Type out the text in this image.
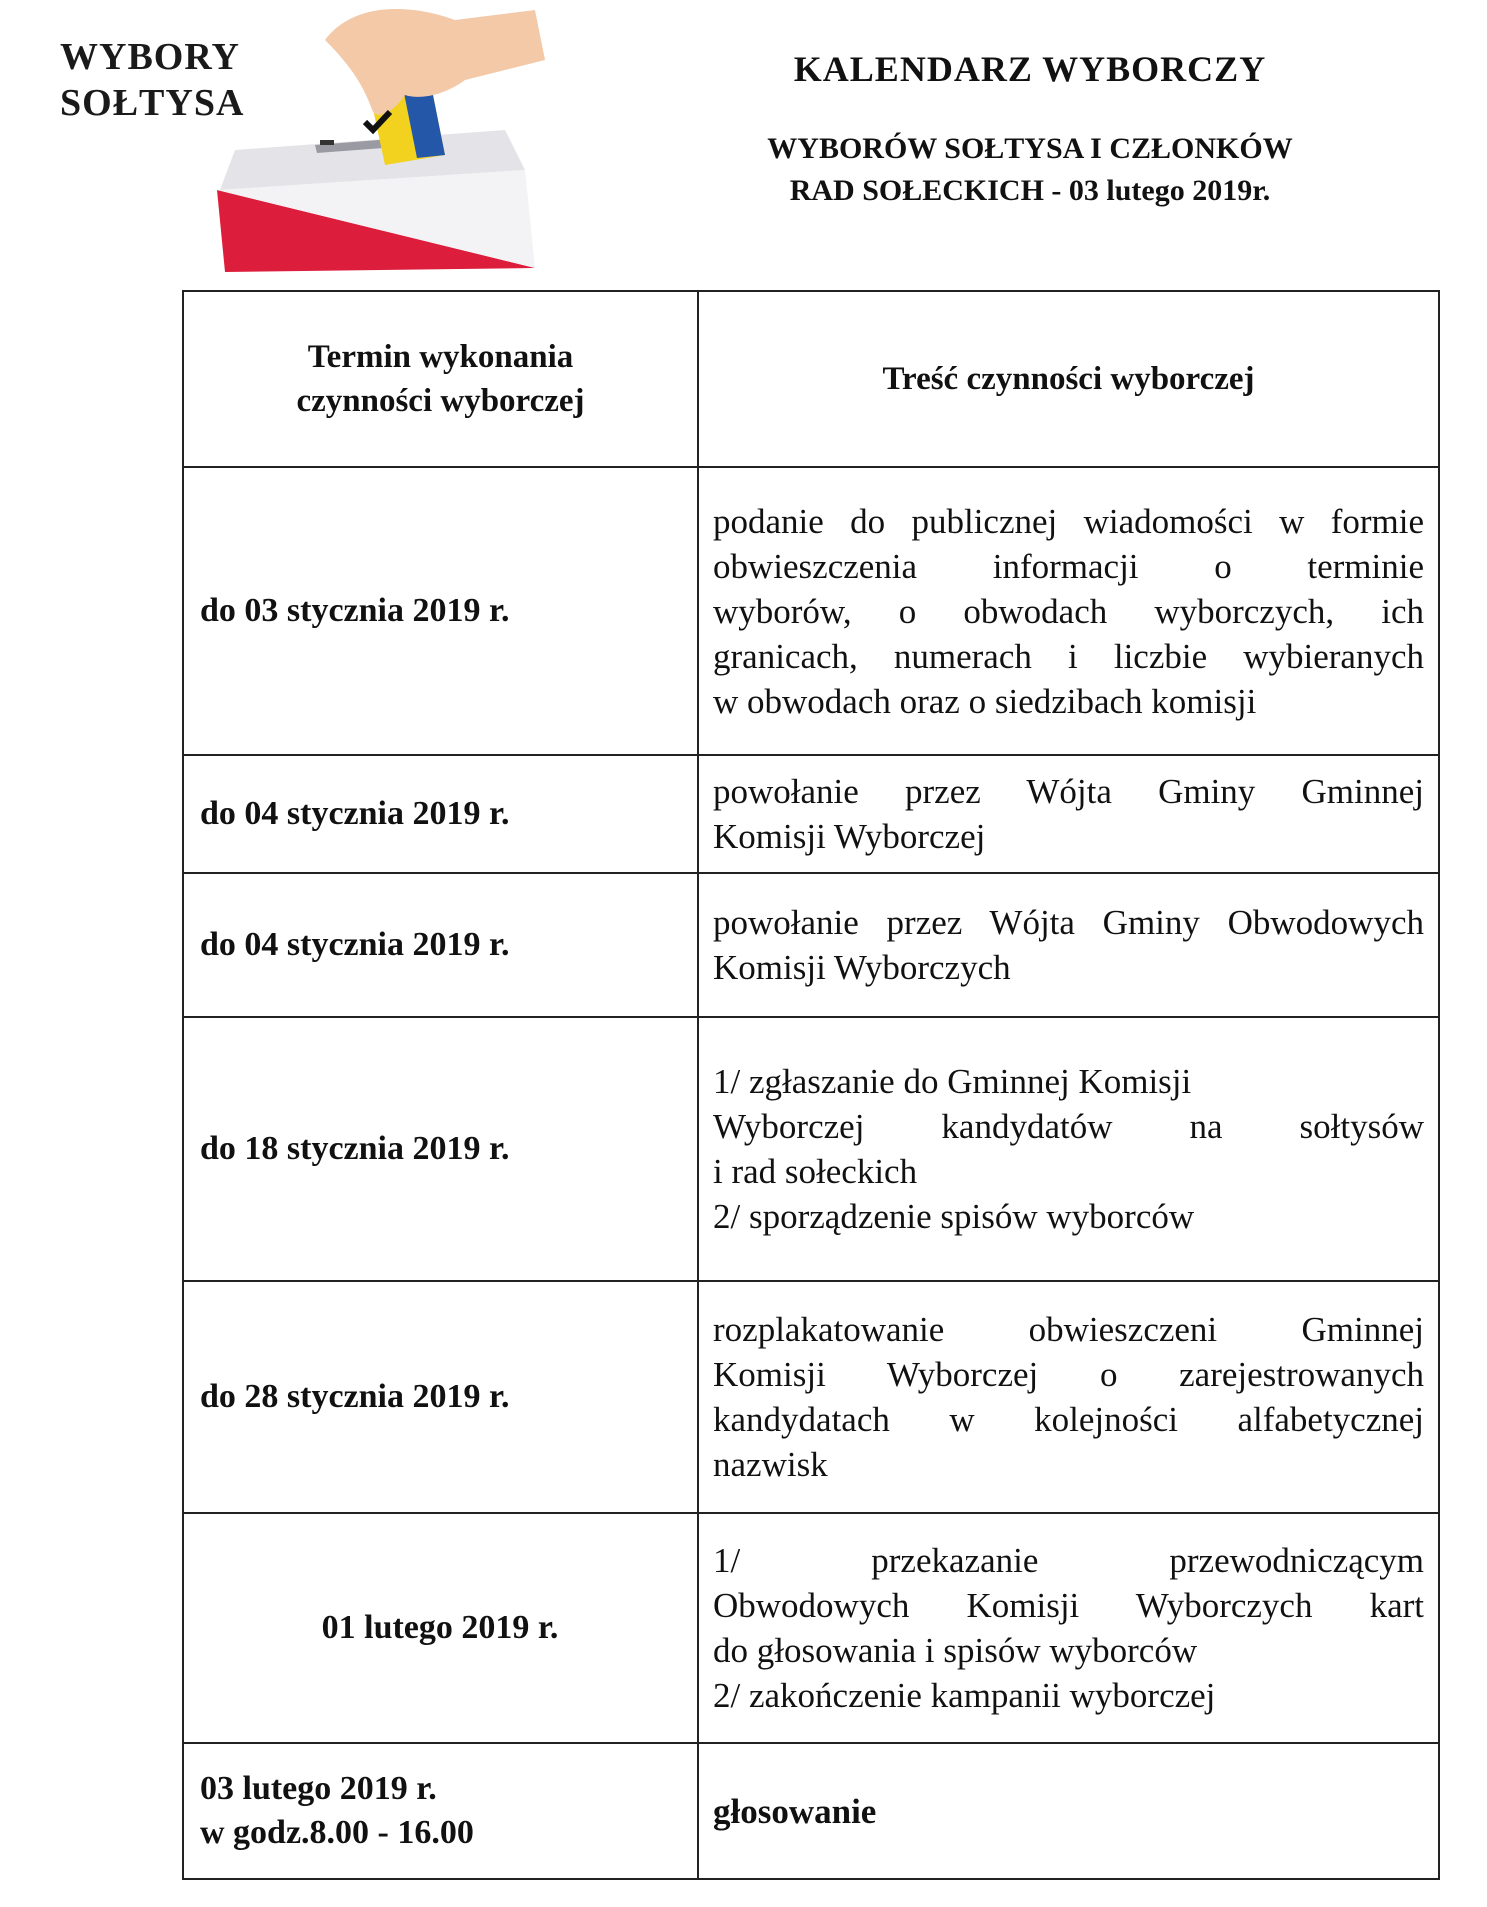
WYBORY
SOŁTYSA
KALENDARZ WYBORCZY
WYBORÓW SOŁTYSA I CZŁONKÓW
RAD SOŁECKICH - 03 lutego 2019r.
Termin wykonania
czynności wyborczej	Treść czynności wyborczej
do 03 stycznia 2019 r.	podanie do publicznej wiadomości w formie
obwieszczenia informacji o terminie
wyborów, o obwodach wyborczych, ich
granicach, numerach i liczbie wybieranych
w obwodach oraz o siedzibach komisji

do 04 stycznia 2019 r.	powołanie przez Wójta Gminy Gminnej
Komisji Wyborczej

do 04 stycznia 2019 r.	powołanie przez Wójta Gminy Obwodowych
Komisji Wyborczych

do 18 stycznia 2019 r.	1/ zgłaszanie do Gminnej Komisji
Wyborczej kandydatów na sołtysów
i rad sołeckich
2/ sporządzenie spisów wyborców

do 28 stycznia 2019 r.	rozplakatowanie obwieszczeni Gminnej
Komisji Wyborczej o zarejestrowanych
kandydatach w kolejności alfabetycznej
nazwisk

01 lutego 2019 r.	1/ przekazanie przewodniczącym
Obwodowych Komisji Wyborczych kart
do głosowania i spisów wyborców
2/ zakończenie kampanii wyborczej

03 lutego 2019 r.
w godz.8.00 - 16.00	głosowanie
